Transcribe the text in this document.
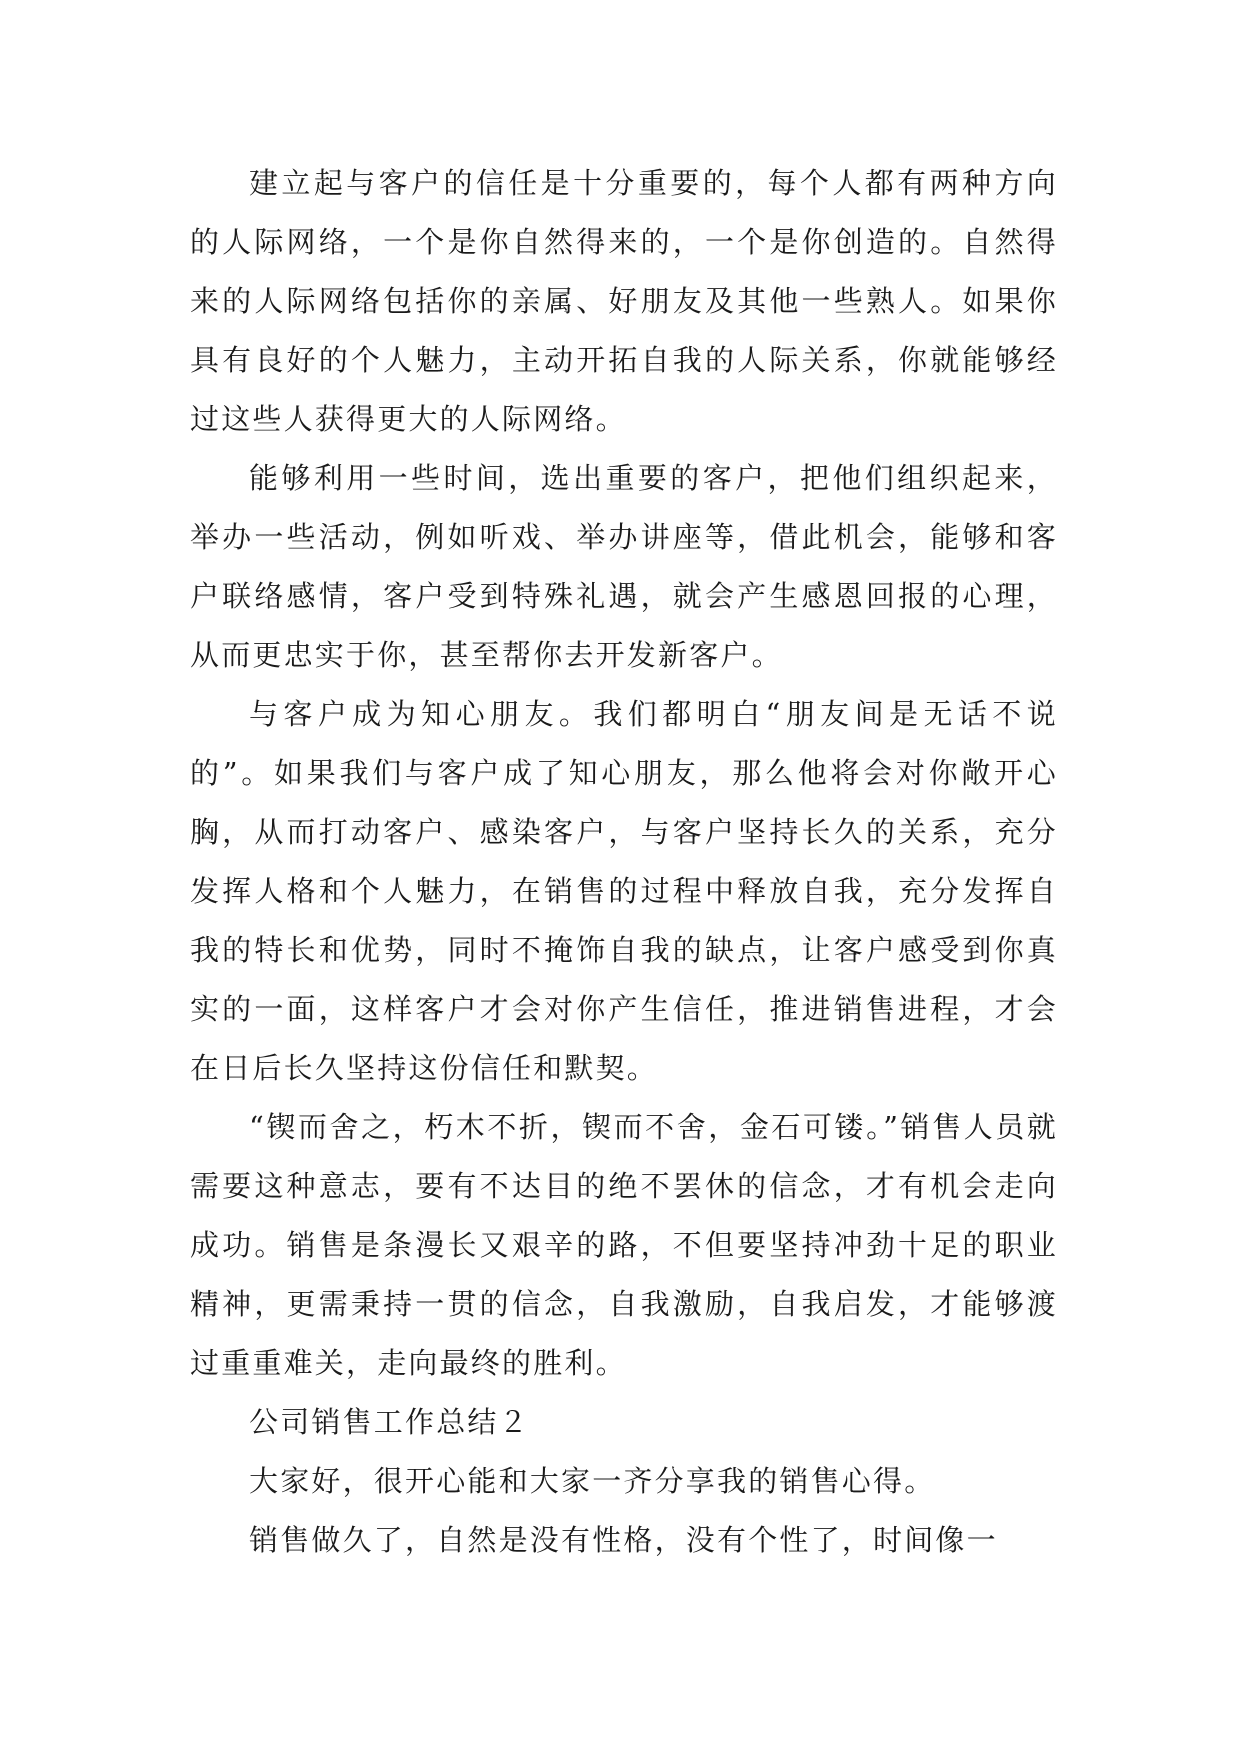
建立起与客户的信任是十分重要的，每个人都有两种方向的人际网络，一个是你自然得来的，一个是你创造的。自然得来的人际网络包括你的亲属、好朋友及其他一些熟人。如果你具有良好的个人魅力，主动开拓自我的人际关系，你就能够经过这些人获得更大的人际网络。

能够利用一些时间，选出重要的客户，把他们组织起来，举办一些活动，例如听戏、举办讲座等，借此机会，能够和客户联络感情，客户受到特殊礼遇，就会产生感恩回报的心理，从而更忠实于你，甚至帮你去开发新客户。

与客户成为知心朋友。我们都明白“朋友间是无话不说的”。如果我们与客户成了知心朋友，那么他将会对你敞开心胸，从而打动客户、感染客户，与客户坚持长久的关系，充分发挥人格和个人魅力，在销售的过程中释放自我，充分发挥自我的特长和优势，同时不掩饰自我的缺点，让客户感受到你真实的一面，这样客户才会对你产生信任，推进销售进程，才会在日后长久坚持这份信任和默契。

“锲而舍之，朽木不折，锲而不舍，金石可镂。”销售人员就需要这种意志，要有不达目的绝不罢休的信念，才有机会走向成功。销售是条漫长又艰辛的路，不但要坚持冲劲十足的职业精神，更需秉持一贯的信念，自我激励，自我启发，才能够渡过重重难关，走向最终的胜利。

公司销售工作总结２

大家好，很开心能和大家一齐分享我的销售心得。

销售做久了，自然是没有性格，没有个性了，时间像一
